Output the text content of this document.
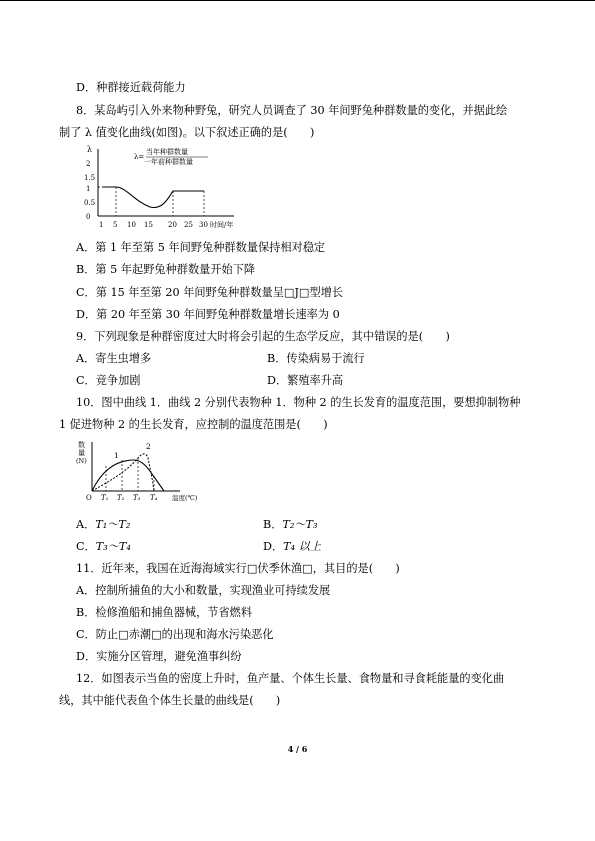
D．种群接近载荷能力
8．某岛屿引入外来物种野兔，研究人员调查了 30 年间野兔种群数量的变化，并据此绘
制了 λ 值变化曲线(如图)。以下叙述正确的是(　　)
λ
2
1.5
1
0.5
0
1 5 10 15 20 25 30 时间/年
λ=
当年种群数量
一年前种群数量
A．第 1 年至第 5 年间野兔种群数量保持相对稳定
B．第 5 年起野兔种群数量开始下降
C．第 15 年至第 20 年间野兔种群数量呈□J□型增长
D．第 20 年至第 30 年间野兔种群数量增长速率为 0
9．下列现象是种群密度过大时将会引起的生态学反应，其中错误的是(　　)
A．寄生虫增多	B．传染病易于流行
C．竞争加剧	D．繁殖率升高
10．图中曲线 1．曲线 2 分别代表物种 1．物种 2 的生长发育的温度范围，要想抑制物种
1 促进物种 2 的生长发育，应控制的温度范围是(　　)
数
量
(N)
1
2
O T₁ T₂ T₃ T₄ 温度(℃)
A．T₁～T₂	B．T₂～T₃
C．T₃～T₄	D．T₄ 以上
11．近年来，我国在近海海域实行□伏季休渔□，其目的是(　　)
A．控制所捕鱼的大小和数量，实现渔业可持续发展
B．检修渔船和捕鱼器械，节省燃料
C．防止□赤潮□的出现和海水污染恶化
D．实施分区管理，避免渔事纠纷
12．如图表示当鱼的密度上升时，鱼产量、个体生长量、食物量和寻食耗能量的变化曲
线，其中能代表鱼个体生长量的曲线是(　　)
4 / 6
